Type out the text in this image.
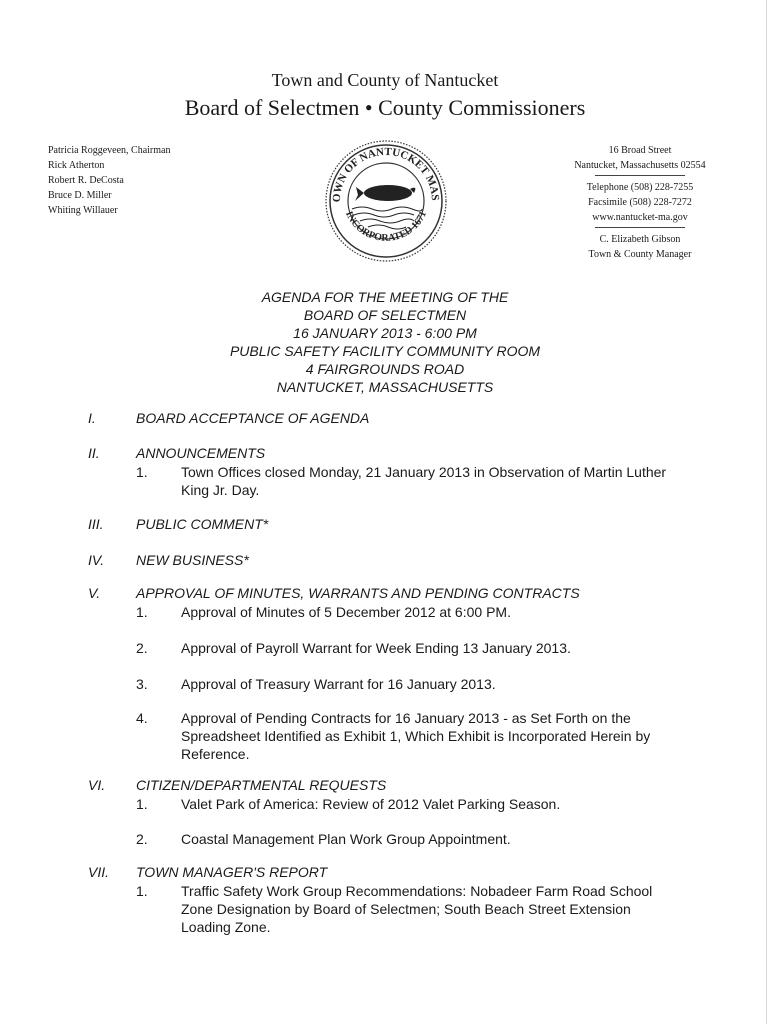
Town and County of Nantucket
Board of Selectmen • County Commissioners
Patricia Roggeveen, Chairman
Rick Atherton
Robert R. DeCosta
Bruce D. Miller
Whiting Willauer
OWN OF NANTUCKET MAS
INCORPORATED 1671
16 Broad Street
Nantucket, Massachusetts 02554
Telephone (508) 228-7255
Facsimile (508) 228-7272
www.nantucket-ma.gov
C. Elizabeth Gibson
Town & County Manager
AGENDA FOR THE MEETING OF THE
BOARD OF SELECTMEN
16 JANUARY 2013 - 6:00 PM
PUBLIC SAFETY FACILITY COMMUNITY ROOM
4 FAIRGROUNDS ROAD
NANTUCKET, MASSACHUSETTS
I.	BOARD ACCEPTANCE OF AGENDA
II.	ANNOUNCEMENTS
1. Town Offices closed Monday, 21 January 2013 in Observation of Martin Luther King Jr. Day.
III. PUBLIC COMMENT*
IV. NEW BUSINESS*
V.	APPROVAL OF MINUTES, WARRANTS AND PENDING CONTRACTS
1. Approval of Minutes of 5 December 2012 at 6:00 PM.
2. Approval of Payroll Warrant for Week Ending 13 January 2013.
3. Approval of Treasury Warrant for 16 January 2013.
4. Approval of Pending Contracts for 16 January 2013 - as Set Forth on the Spreadsheet Identified as Exhibit 1, Which Exhibit is Incorporated Herein by Reference.
VI. CITIZEN/DEPARTMENTAL REQUESTS
1. Valet Park of America: Review of 2012 Valet Parking Season.
2. Coastal Management Plan Work Group Appointment.
VII. TOWN MANAGER'S REPORT
1. Traffic Safety Work Group Recommendations: Nobadeer Farm Road School Zone Designation by Board of Selectmen; South Beach Street Extension Loading Zone.
